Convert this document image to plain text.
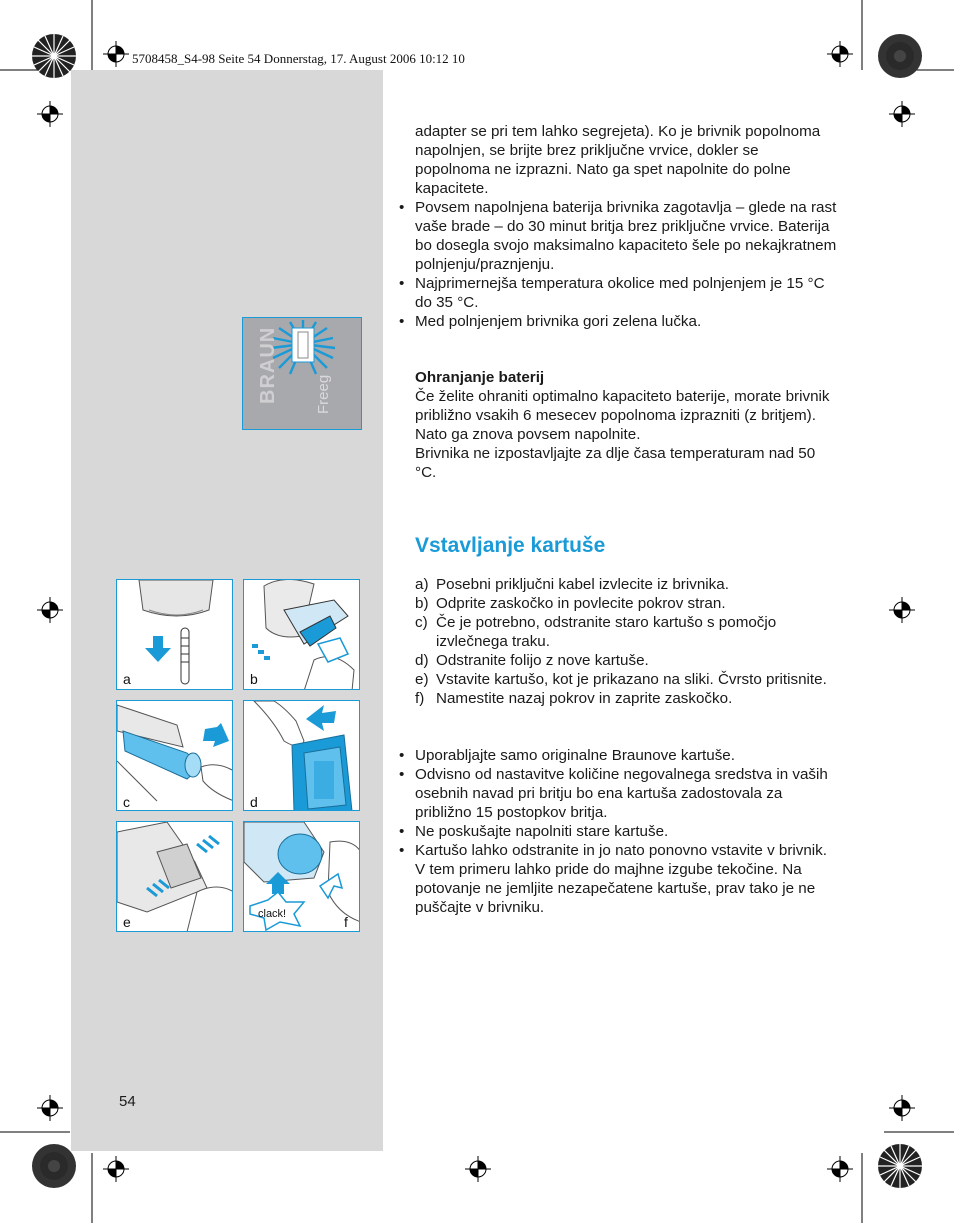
5708458_S4-98 Seite 54 Donnerstag, 17. August 2006 10:12 10

adapter se pri tem lahko segrejeta). Ko je brivnik popolnoma napolnjen, se brijte brez priključne vrvice, dokler se popolnoma ne izprazni. Nato ga spet napolnite do polne kapacitete.

• Povsem napolnjena baterija brivnika zagotavlja – glede na rast vaše brade – do 30 minut britja brez priključne vrvice. Baterija bo dosegla svojo maksimalno kapaciteto šele po nekajkratnem polnjenju/praznjenju.
• Najprimernejša temperatura okolice med polnjenjem je 15 °C do 35 °C.
• Med polnjenjem brivnika gori zelena lučka.
BRAUN Freeg	Ohranjanje baterij
Če želite ohraniti optimalno kapaciteto baterije, morate brivnik približno vsakih 6 mesecev popolnoma izprazniti (z britjem). Nato ga znova povsem napolnite.
Brivnika ne izpostavljajte za dlje časa temperaturam nad 50 °C.
Vstavljanje kartuše
a) Posebni priključni kabel izvlecite iz brivnika.
b) Odprite zaskočko in povlecite pokrov stran.
c) Če je potrebno, odstranite staro kartušo s pomočjo izvlečnega traku.
d) Odstranite folijo z nove kartuše.
e) Vstavite kartušo, kot je prikazano na sliki. Čvrsto pritisnite.
f) Namestite nazaj pokrov in zaprite zaskočko.
• Uporabljajte samo originalne Braunove kartuše.
• Odvisno od nastavitve količine negovalnega sredstva in vaših osebnih navad pri britju bo ena kartuša zadostovala za približno 15 postopkov britja.
• Ne poskušajte napolniti stare kartuše.
• Kartušo lahko odstranite in jo nato ponovno vstavite v brivnik. V tem primeru lahko pride do majhne izgube tekočine. Na potovanje ne jemljite nezapečatene kartuše, prav tako je ne puščajte v brivniku.
a	b
c	d
e	clack!	f
54
